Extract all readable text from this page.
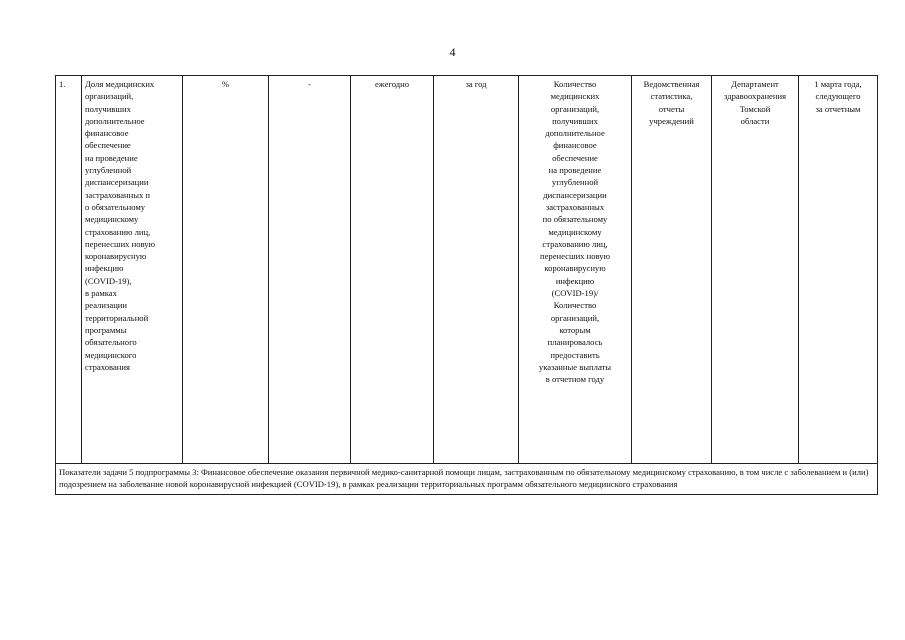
4
1.	Доля медицинских
организаций,
получивших
дополнительное
финансовое
обеспечение
на проведение
углубленной
диспансеризации
застрахованных п
о обязательному
медицинскому
страхованию лиц,
перенесших новую
коронавирусную
инфекцию
(COVID-19),
в рамках
реализации
территориальной
программы
обязательного
медицинского
страхования	%	-	ежегодно	за год	Количество
медицинских
организаций,
получивших
дополнительное
финансовое
обеспечение
на проведение
углубленной
диспансеризации
застрахованных
по обязательному
медицинскому
страхованию лиц,
перенесших новую
коронавирусную
инфекцию
(COVID-19)/
Количество
организаций,
которым
планировалось
предоставить
указанные выплаты
в отчетном году	Ведомственная
статистика,
отчеты
учреждений	Департамент
здравоохранения
Томской
области	1 марта года,
следующего
за отчетным
Показатели задачи 5 подпрограммы 3: Финансовое обеспечение оказания первичной медико-санитарной помощи лицам, застрахованным по обязательному медицинскому страхованию, в том числе с заболеванием и (или) подозрением на заболевание новой коронавирусной инфекцией (COVID-19), в рамках реализации территориальных программ обязательного медицинского страхования
